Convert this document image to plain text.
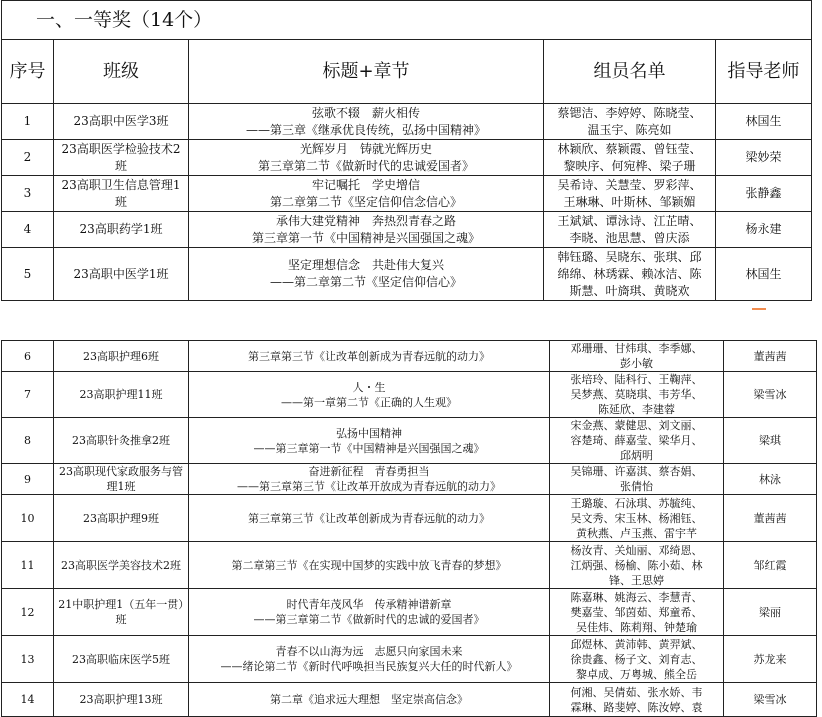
一、一等奖（14个）				
序号	班级	标题+章节	组员名单	指导老师
1	23高职中医学3班	弦歌不辍　薪火相传
——第三章《继承优良传统，弘扬中国精神》	蔡锶洁、李婷婷、陈晓莹、
温玉宇、陈亮如	林国生
2	23高职医学检验技术2班	光辉岁月　铸就光辉历史
第三章第二节《做新时代的忠诚爱国者》	林颖欣、蔡颖霞、曾钰莹、
黎映序、何宛桦、梁子珊	梁妙荣
3	23高职卫生信息管理1班	牢记嘱托　学史增信
第二章第二节《坚定信仰信念信心》	吴希诗、关慧莹、罗彩萍、
王琳琳、叶斯林、邹颖媚	张静鑫
4	23高职药学1班	承伟大建党精神　奔热烈青春之路
第三章第一节《中国精神是兴国强国之魂》	王斌斌、谭泳诗、江芷晴、
李晓、池思慧、曾庆添	杨永建
5	23高职中医学1班	坚定理想信念　共赴伟大复兴
——第二章第二节《坚定信仰信心》	韩钰璐、吴晓东、张琪、邱
绵绵、林琇霖、赖冰洁、陈
斯慧、叶旖琪、黄晓欢	林国生
6	23高职护理6班	第三章第三节《让改革创新成为青春远航的动力》	邓珊珊、甘炜琪、李季娜、
彭小敏	董茜茜
7	23高职护理11班	人・生
——第一章第二节《正确的人生观》	张培玲、陆科行、王鞠萍、
吴梦燕、莫晓琪、韦芳华、
陈延欣、李建蓉	梁雪冰
8	23高职针灸推拿2班	弘扬中国精神
——第三章第一节《中国精神是兴国强国之魂》	宋金燕、蒙健思、刘文丽、
容楚琦、薛嘉莹、梁华月、
邱炳明	梁琪
9	23高职现代家政服务与管理1班	奋进新征程　青春勇担当
——第三章第三节《让改革开放成为青春远航的动力》	吴锦珊、许嘉淇、蔡杏娟、
张倩怡	林泳
10	23高职护理9班	第三章第三节《让改革创新成为青春远航的动力》	王璐璇、石泳琪、苏毓纯、
吴文秀、宋玉林、杨湘钰、
黄秋燕、卢玉燕、雷宇芊	董茜茜
11	23高职医学美容技术2班	第二章第三节《在实现中国梦的实践中放飞青春的梦想》	杨汝青、关灿丽、邓绮恩、
江炳强、杨榆、陈小茹、林
锋、王思婷	邹红霞
12	21中职护理1（五年一贯）班	时代青年茂风华　传承精神谱新章
——第三章第二节《做新时代的忠诚的爱国者》	陈嘉琳、姚海云、李慧青、
樊嘉莹、邹茵茹、郑童希、
吴佳炜、陈莉翔、钟楚瑜	梁丽
13	23高职临床医学5班	青春不以山海为远　志愿只向家国未来
——绪论第二节《新时代呼唤担当民族复兴大任的时代新人》	邱煜林、黄沛韩、黄羿斌、
徐贵鑫、杨子文、刘育志、
黎卓成、万粤城、熊全岳	苏龙来
14	23高职护理13班	第二章《追求远大理想　坚定崇高信念》	何湘、吴倩茹、张水娇、韦
霖琳、路斐婷、陈汝婷、袁	梁雪冰
